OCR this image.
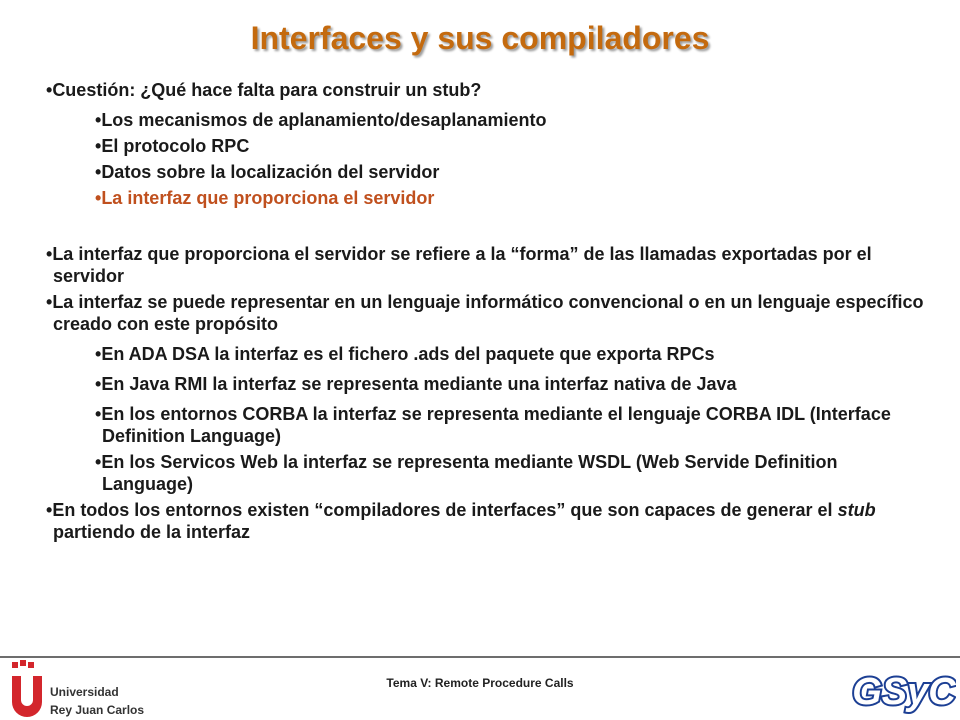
Interfaces y sus compiladores
• Cuestión: ¿Qué hace falta para construir un stub?
• Los mecanismos de aplanamiento/desaplanamiento
• El protocolo RPC
• Datos sobre la localización del servidor
• La interfaz que proporciona el servidor
• La interfaz que proporciona el servidor se refiere a la “forma” de las llamadas exportadas por el servidor
• La interfaz se puede representar en un lenguaje informático convencional o en un lenguaje específico creado con este propósito
• En ADA DSA la interfaz es el fichero .ads del paquete que exporta RPCs
• En Java RMI la interfaz se representa mediante una interfaz nativa de Java
• En los entornos CORBA la interfaz se representa mediante el lenguaje CORBA IDL (Interface Definition Language)
• En los Servicos Web la interfaz se representa mediante WSDL (Web Servide Definition Language)
• En todos los entornos existen “compiladores de interfaces” que son capaces de generar el stub partiendo de la interfaz
Universidad
Rey Juan Carlos
Tema V: Remote Procedure Calls	GSyC
